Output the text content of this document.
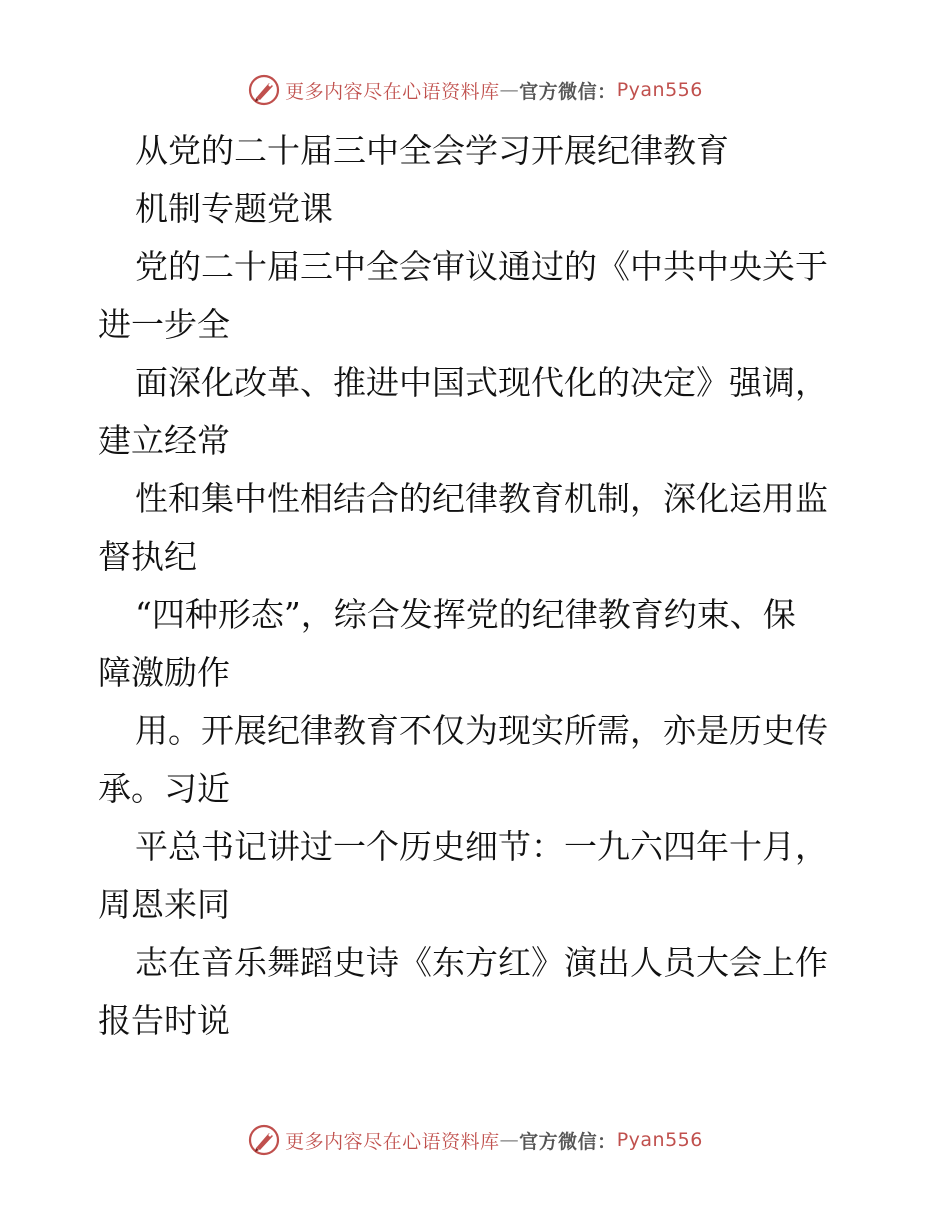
更多内容尽在心语资料库 — 官方微信： Pyan556
从党的二十届三中全会学习开展纪律教育
机制专题党课
党的二十届三中全会审议通过的《中共中央关于
进一步全
面深化改革、推进中国式现代化的决定》强调，
建立经常
性和集中性相结合的纪律教育机制，深化运用监
督执纪
“四种形态”，综合发挥党的纪律教育约束、保
障激励作
用。开展纪律教育不仅为现实所需，亦是历史传
承。习近
平总书记讲过一个历史细节：一九六四年十月，
周恩来同
志在音乐舞蹈史诗《东方红》演出人员大会上作
报告时说
更多内容尽在心语资料库 — 官方微信： Pyan556
